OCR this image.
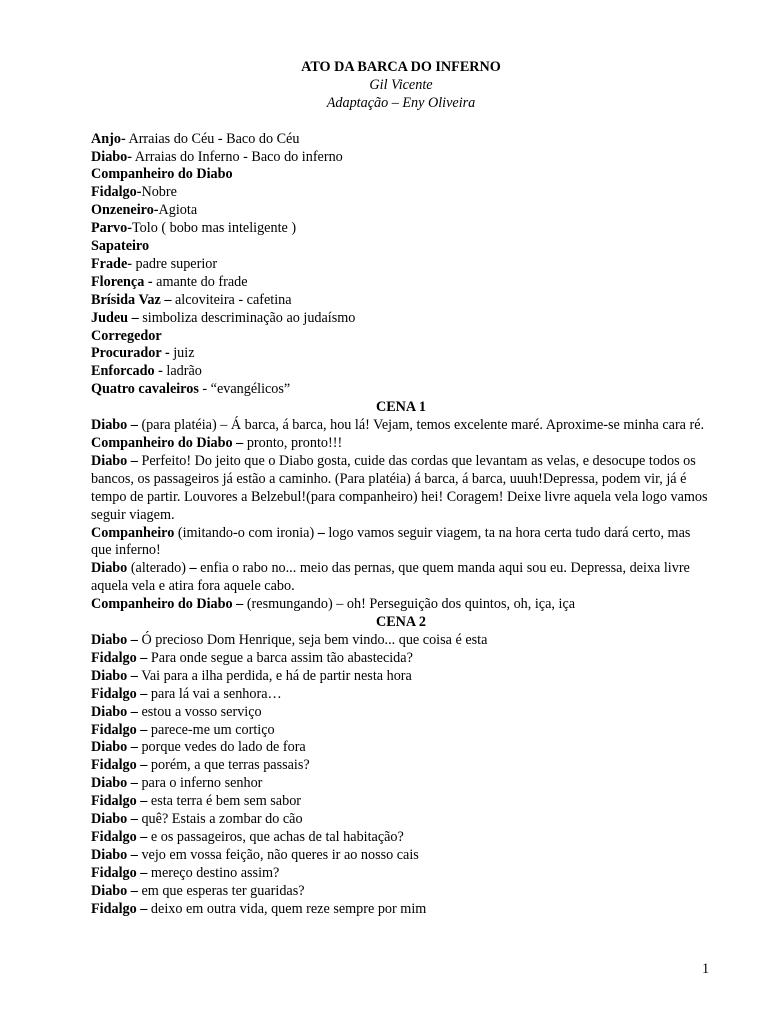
ATO DA BARCA DO INFERNO
Gil Vicente
Adaptação – Eny Oliveira
Anjo- Arraias do Céu - Baco do Céu
Diabo- Arraias do Inferno - Baco do inferno
Companheiro do Diabo
Fidalgo-Nobre
Onzeneiro-Agiota
Parvo-Tolo ( bobo mas inteligente )
Sapateiro
Frade- padre superior
Florença - amante do frade
Brísida Vaz – alcoviteira - cafetina
Judeu – simboliza descriminação ao judaísmo
Corregedor
Procurador - juiz
Enforcado - ladrão
Quatro cavaleiros - “evangélicos”
CENA 1
Diabo – (para platéia) – Á barca, á barca, hou lá! Vejam, temos excelente maré. Aproxime-se minha cara ré.
Companheiro do Diabo – pronto, pronto!!!
Diabo – Perfeito! Do jeito que o Diabo gosta, cuide das cordas que levantam as velas, e desocupe todos os bancos, os passageiros já estão a caminho. (Para platéia) á barca, á barca, uuuh!Depressa, podem vir, já é tempo de partir. Louvores a Belzebul!(para companheiro) hei! Coragem! Deixe livre aquela vela logo vamos seguir viagem.
Companheiro (imitando-o com ironia) – logo vamos seguir viagem, ta na hora certa tudo dará certo, mas que inferno!
Diabo (alterado) – enfia o rabo no... meio das pernas, que quem manda aqui sou eu. Depressa, deixa livre aquela vela e atira fora aquele cabo.
Companheiro do Diabo – (resmungando) – oh! Perseguição dos quintos, oh, iça, iça
CENA 2
Diabo – Ó precioso Dom Henrique, seja bem vindo... que coisa é esta
Fidalgo – Para onde segue a barca assim tão abastecida?
Diabo – Vai para a ilha perdida, e há de partir nesta hora
Fidalgo – para lá vai a senhora…
Diabo – estou a vosso serviço
Fidalgo – parece-me um cortiço
Diabo – porque vedes do lado de fora
Fidalgo – porém, a que terras passais?
Diabo – para o inferno senhor
Fidalgo – esta terra é bem sem sabor
Diabo – quê? Estais a zombar do cão
Fidalgo – e os passageiros, que achas de tal habitação?
Diabo – vejo em vossa feição, não queres ir ao nosso cais
Fidalgo – mereço destino assim?
Diabo – em que esperas ter guaridas?
Fidalgo – deixo em outra vida, quem reze sempre por mim
1
